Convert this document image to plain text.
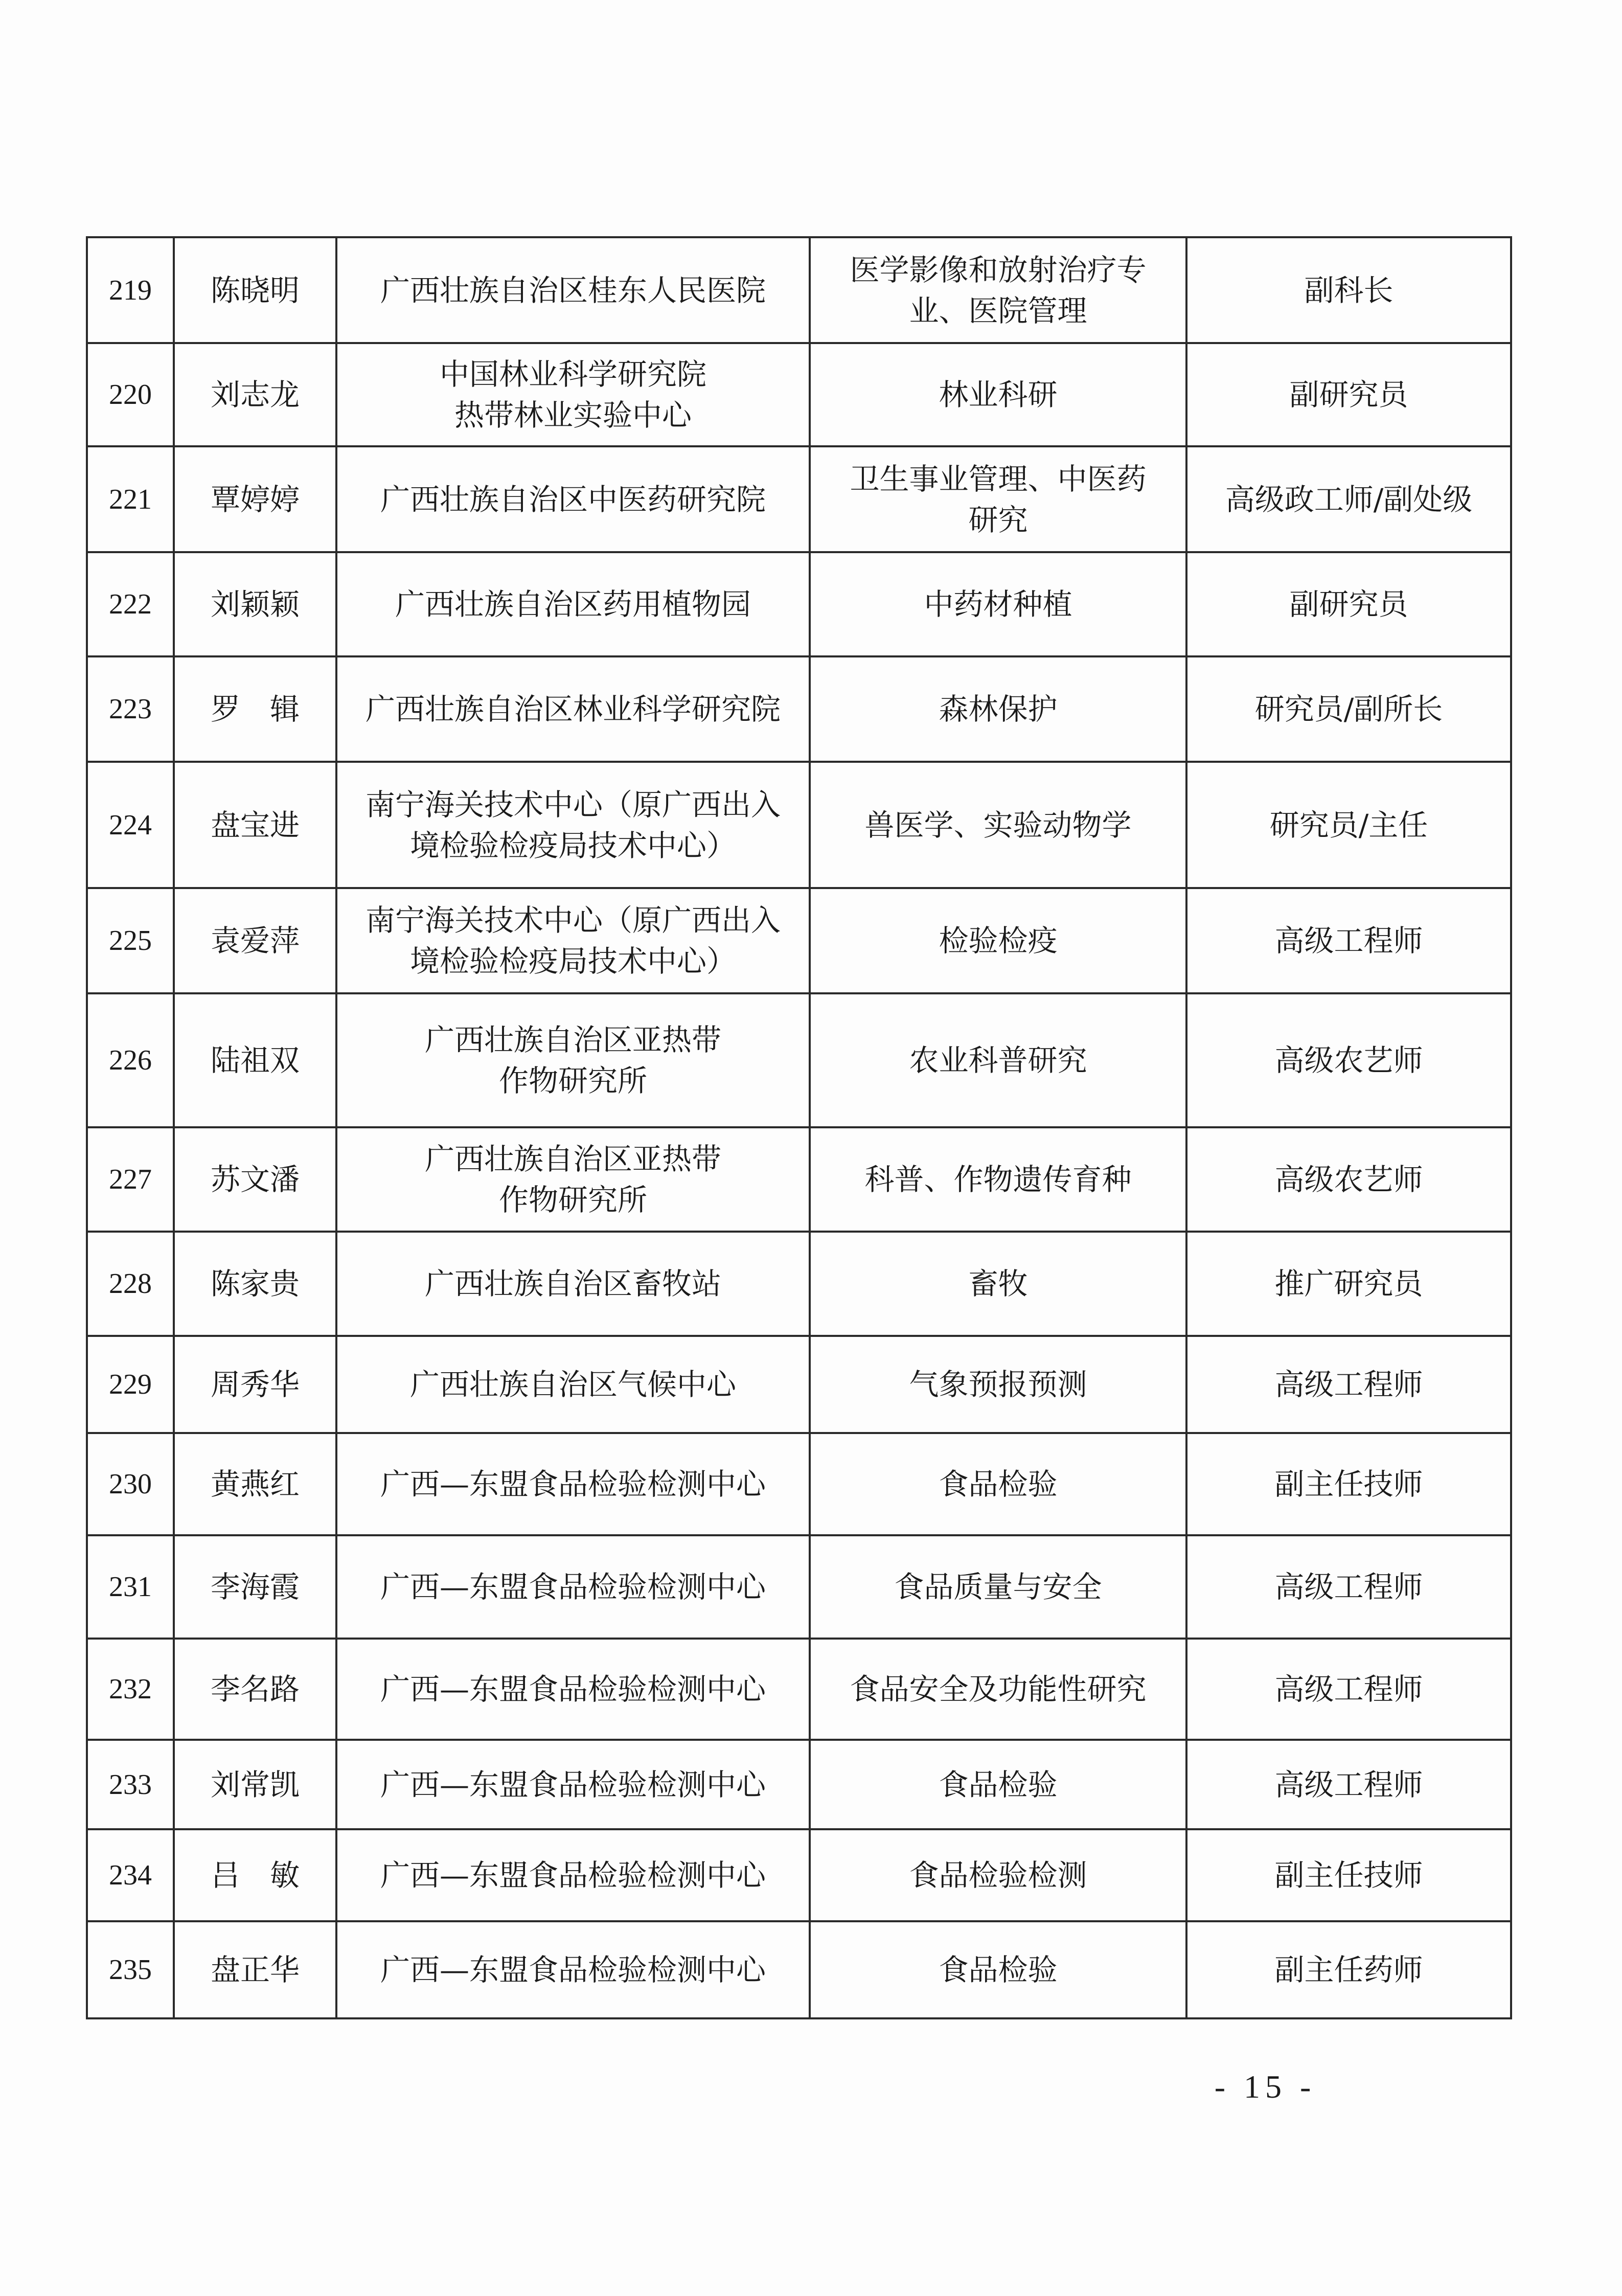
219	陈晓明	广西壮族自治区桂东人民医院	医学影像和放射治疗专
业、医院管理	副科长
220	刘志龙	中国林业科学研究院
热带林业实验中心	林业科研	副研究员
221	覃婷婷	广西壮族自治区中医药研究院	卫生事业管理、中医药
研究	高级政工师/副处级
222	刘颖颖	广西壮族自治区药用植物园	中药材种植	副研究员
223	罗　辑	广西壮族自治区林业科学研究院	森林保护	研究员/副所长
224	盘宝进	南宁海关技术中心（原广西出入
境检验检疫局技术中心）	兽医学、实验动物学	研究员/主任
225	袁爱萍	南宁海关技术中心（原广西出入
境检验检疫局技术中心）	检验检疫	高级工程师
226	陆祖双	广西壮族自治区亚热带
作物研究所	农业科普研究	高级农艺师
227	苏文潘	广西壮族自治区亚热带
作物研究所	科普、作物遗传育种	高级农艺师
228	陈家贵	广西壮族自治区畜牧站	畜牧	推广研究员
229	周秀华	广西壮族自治区气候中心	气象预报预测	高级工程师
230	黄燕红	广西—东盟食品检验检测中心	食品检验	副主任技师
231	李海霞	广西—东盟食品检验检测中心	食品质量与安全	高级工程师
232	李名路	广西—东盟食品检验检测中心	食品安全及功能性研究	高级工程师
233	刘常凯	广西—东盟食品检验检测中心	食品检验	高级工程师
234	吕　敏	广西—东盟食品检验检测中心	食品检验检测	副主任技师
235	盘正华	广西—东盟食品检验检测中心	食品检验	副主任药师
- 15 -
